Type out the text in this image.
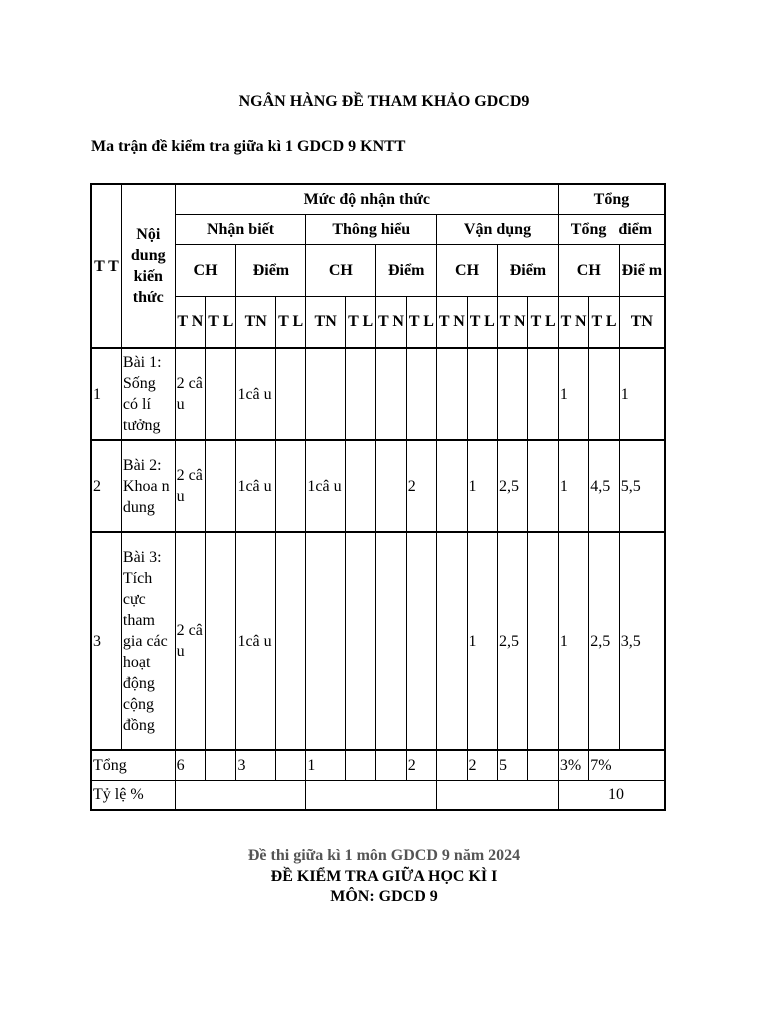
NGÂN HÀNG ĐỀ THAM KHẢO GDCD9
Ma trận đề kiểm tra giữa kì 1 GDCD 9 KNTT
T T	Nội dung kiến thức	Mức độ nhận thức												Tổng		
		Nhận biết				Thông hiểu				Vận dụng				Tổng   điểm		
		CH		Điểm		CH		Điểm		CH		Điểm		CH		Điể m
		T N	T L	TN	T L	TN	T L	T N	T L	T N	T L	T N	T L	T N	T L	TN
1	Bài 1: Sống có lí tưởng	2 câ u		1câ u										1		1
2	Bài 2: Khoa n dung	2 câ u		1câ u		1câ u			2		1	2,5		1	4,5	5,5
3	Bài 3: Tích cực tham gia các hoạt động cộng đồng	2 câ u		1câ u							1	2,5		1	2,5	3,5
Tổng		6		3		1			2		2	5		3%	7%	
Tỷ lệ %														10		
Đề thi giữa kì 1 môn GDCD 9 năm 2024
ĐỀ KIỂM TRA GIỮA HỌC KÌ I
MÔN: GDCD 9
